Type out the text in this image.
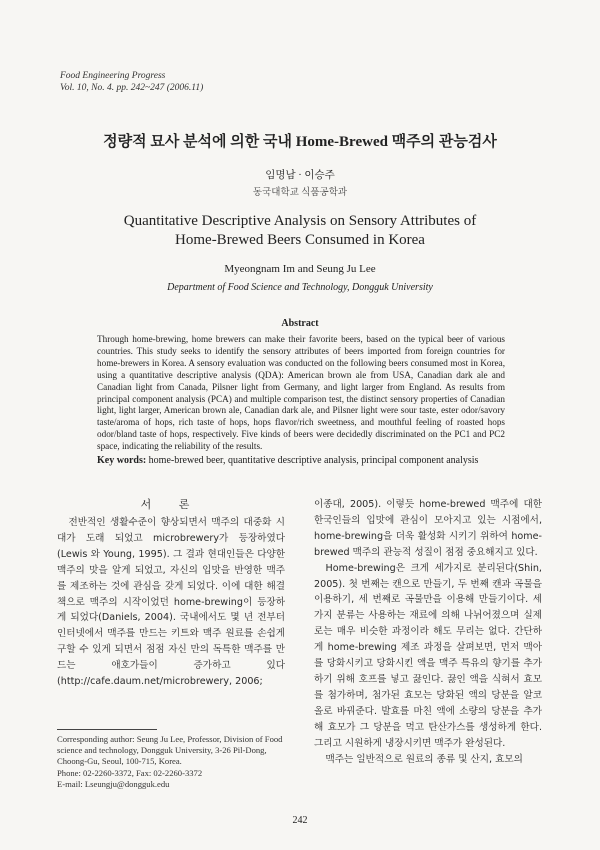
Food Engineering Progress
Vol. 10, No. 4. pp. 242~247 (2006.11)
정량적 묘사 분석에 의한 국내 Home-Brewed 맥주의 관능검사
임명남 · 이승주
동국대학교 식품공학과
Quantitative Descriptive Analysis on Sensory Attributes of
Home-Brewed Beers Consumed in Korea
Myeongnam Im and Seung Ju Lee
Department of Food Science and Technology, Dongguk University
Abstract
Through home-brewing, home brewers can make their favorite beers, based on the typical beer of various countries. This study seeks to identify the sensory attributes of beers imported from foreign countries for home-brewers in Korea. A sensory evaluation was conducted on the following beers consumed most in Korea, using a quantitative descriptive analysis (QDA): American brown ale from USA, Canadian dark ale and Canadian light from Canada, Pilsner light from Germany, and light larger from England. As results from principal component analysis (PCA) and multiple comparison test, the distinct sensory properties of Canadian light, light larger, American brown ale, Canadian dark ale, and Pilsner light were sour taste, ester odor/savory taste/aroma of hops, rich taste of hops, hops flavor/rich sweetness, and mouthful feeling of roasted hops odor/bland taste of hops, respectively. Five kinds of beers were decidedly discriminated on the PC1 and PC2 space, indicating the reliability of the results.
Key words: home-brewed beer, quantitative descriptive analysis, principal component analysis
서 론

전반적인 생활수준이 향상되면서 맥주의 대중화 시대가 도래 되었고 microbrewery가 등장하였다 (Lewis 와 Young, 1995). 그 결과 현대인들은 다양한 맥주의 맛을 알게 되었고, 자신의 입맛을 반영한 맥주를 제조하는 것에 관심을 갖게 되었다. 이에 대한 해결책으로 맥주의 시작이었던 home-brewing이 등장하게 되었다(Daniels, 2004). 국내에서도 몇 년 전부터 인터넷에서 맥주를 만드는 키트와 맥주 원료를 손쉽게 구할 수 있게 되면서 점점 자신 만의 독특한 맥주를 만드는 애호가들이 증가하고 있다(http://cafe.daum.net/microbrewery, 2006;

이종대, 2005). 이렇듯 home-brewed 맥주에 대한 한국인들의 입맛에 관심이 모아지고 있는 시점에서, home-brewing을 더욱 활성화 시키기 위하여 home-brewed 맥주의 관능적 성질이 점점 중요해지고 있다.

Home-brewing은 크게 세가지로 분리된다(Shin, 2005). 첫 번째는 캔으로 만들기, 두 번째 캔과 곡물을 이용하기, 세 번째로 곡물만을 이용해 만들기이다. 세가지 분류는 사용하는 재료에 의해 나뉘어졌으며 실제로는 매우 비슷한 과정이라 해도 무리는 없다. 간단하게 home-brewing 제조 과정을 살펴보면, 먼저 맥아를 당화시키고 당화시킨 액을 맥주 특유의 향기를 추가하기 위해 호프를 넣고 끓인다. 끓인 액을 식혀서 효모를 첨가하며, 첨가된 효모는 당화된 액의 당분을 알코올로 바꿔준다. 발효를 마친 액에 소량의 당분을 추가해 효모가 그 당분을 먹고 탄산가스를 생성하게 한다. 그리고 시원하게 냉장시키면 맥주가 완성된다.

맥주는 일반적으로 원료의 종류 및 산지, 효모의

Corresponding author: Seung Ju Lee, Professor, Division of Food science and technology, Dongguk University, 3-26 Pil-Dong, Choong-Gu, Seoul, 100-715, Korea.
Phone: 02-2260-3372, Fax: 02-2260-3372
E-mail: Lseungju@dongguk.edu
242
